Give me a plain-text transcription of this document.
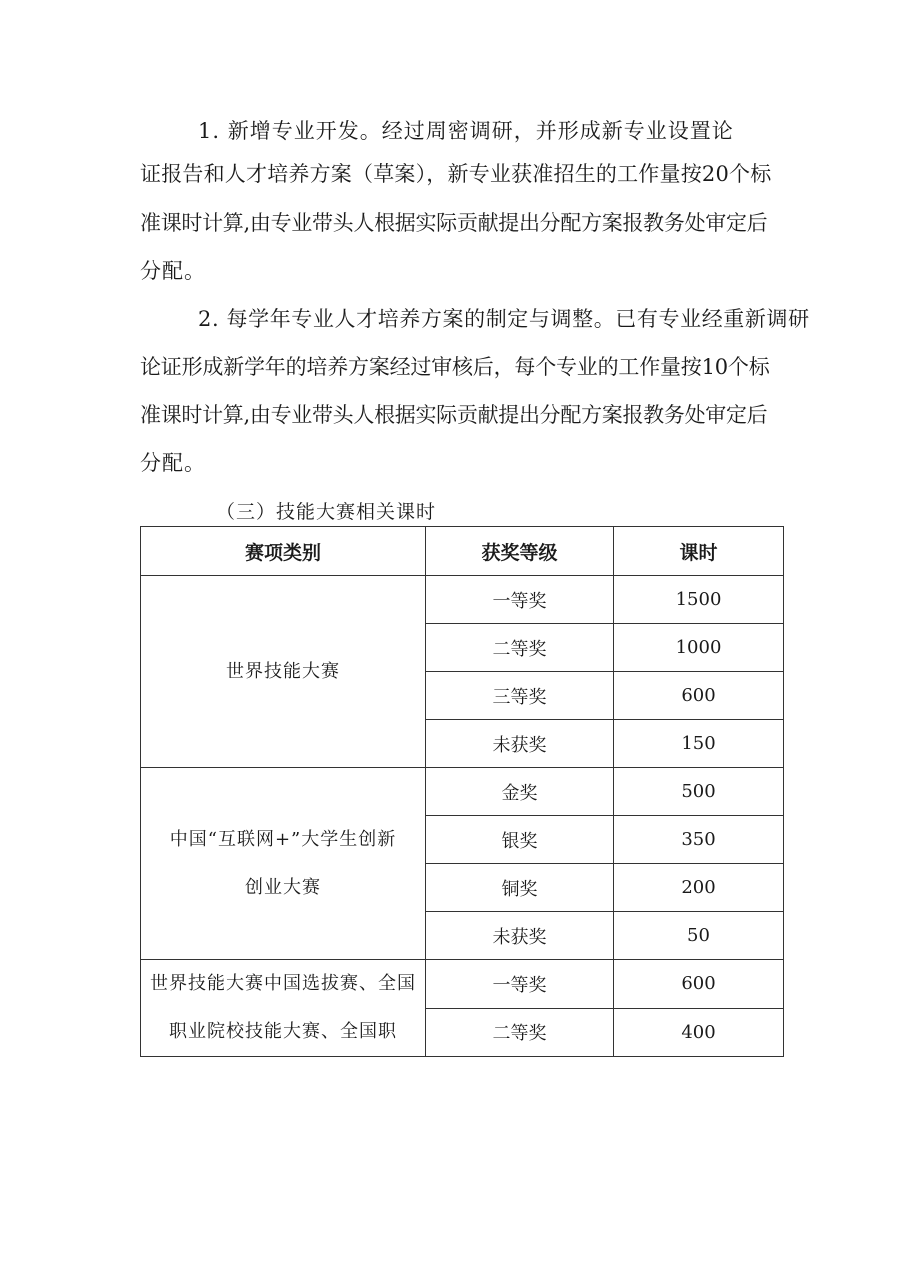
1. 新增专业开发。经过周密调研，并形成新专业设置论
证报告和人才培养方案（草案），新专业获准招生的工作量按20个标
准课时计算,由专业带头人根据实际贡献提出分配方案报教务处审定后
分配。
2. 每学年专业人才培养方案的制定与调整。已有专业经重新调研
论证形成新学年的培养方案经过审核后，每个专业的工作量按10个标
准课时计算,由专业带头人根据实际贡献提出分配方案报教务处审定后
分配。
（三）技能大赛相关课时
赛项类别	获奖等级	课时
世界技能大赛	一等奖	1500
	二等奖	1000
	三等奖	600
	未获奖	150

中国“互联网+”大学生创新
创业大赛	金奖	500
	银奖	350
	铜奖	200
	未获奖	50

世界技能大赛中国选拔赛、全国
职业院校技能大赛、全国职	一等奖	600
	二等奖	400
